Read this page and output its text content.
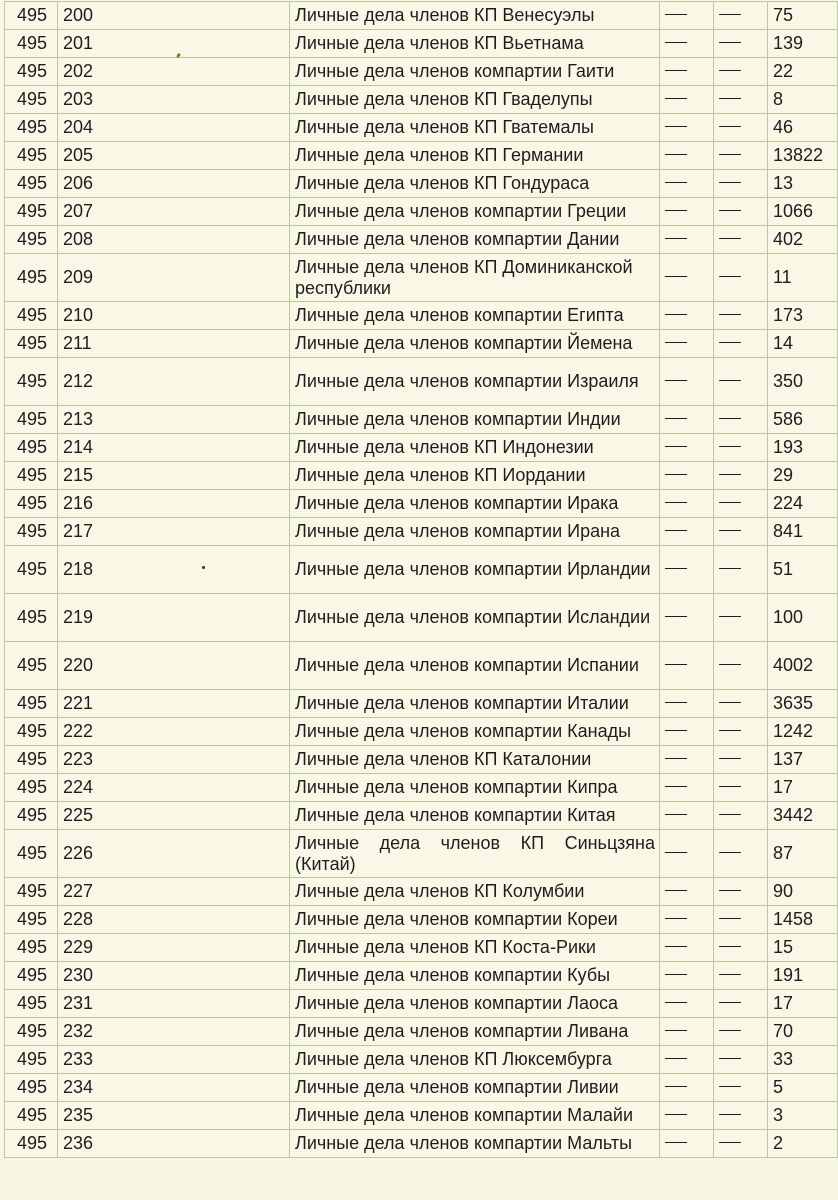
495	200	Личные дела членов КП Венесуэлы			75
495	201	Личные дела членов КП Вьетнама			139
495	202	Личные дела членов компартии Гаити			22
495	203	Личные дела членов КП Гваделупы			8
495	204	Личные дела членов КП Гватемалы			46
495	205	Личные дела членов КП Германии			13822
495	206	Личные дела членов КП Гондураса			13
495	207	Личные дела членов компартии Греции			1066
495	208	Личные дела членов компартии Дании			402
495	209	Личные дела членов КП Доминиканской республики			11
495	210	Личные дела членов компартии Египта			173
495	211	Личные дела членов компартии Йемена			14
495	212	Личные дела членов компартии Израиля			350
495	213	Личные дела членов компартии Индии			586
495	214	Личные дела членов КП Индонезии			193
495	215	Личные дела членов КП Иордании			29
495	216	Личные дела членов компартии Ирака			224
495	217	Личные дела членов компартии Ирана			841
495	218	Личные дела членов компартии Ирландии			51
495	219	Личные дела членов компартии Исландии			100
495	220	Личные дела членов компартии Испании			4002
495	221	Личные дела членов компартии Италии			3635
495	222	Личные дела членов компартии Канады			1242
495	223	Личные дела членов КП Каталонии			137
495	224	Личные дела членов компартии Кипра			17
495	225	Личные дела членов компартии Китая			3442
495	226	Личные дела членов КП Синьцзяна (Китай)			87
495	227	Личные дела членов КП Колумбии			90
495	228	Личные дела членов компартии Кореи			1458
495	229	Личные дела членов КП Коста-Рики			15
495	230	Личные дела членов компартии Кубы			191
495	231	Личные дела членов компартии Лаоса			17
495	232	Личные дела членов компартии Ливана			70
495	233	Личные дела членов КП Люксембурга			33
495	234	Личные дела членов компартии Ливии			5
495	235	Личные дела членов компартии Малайи			3
495	236	Личные дела членов компартии Мальты			2
